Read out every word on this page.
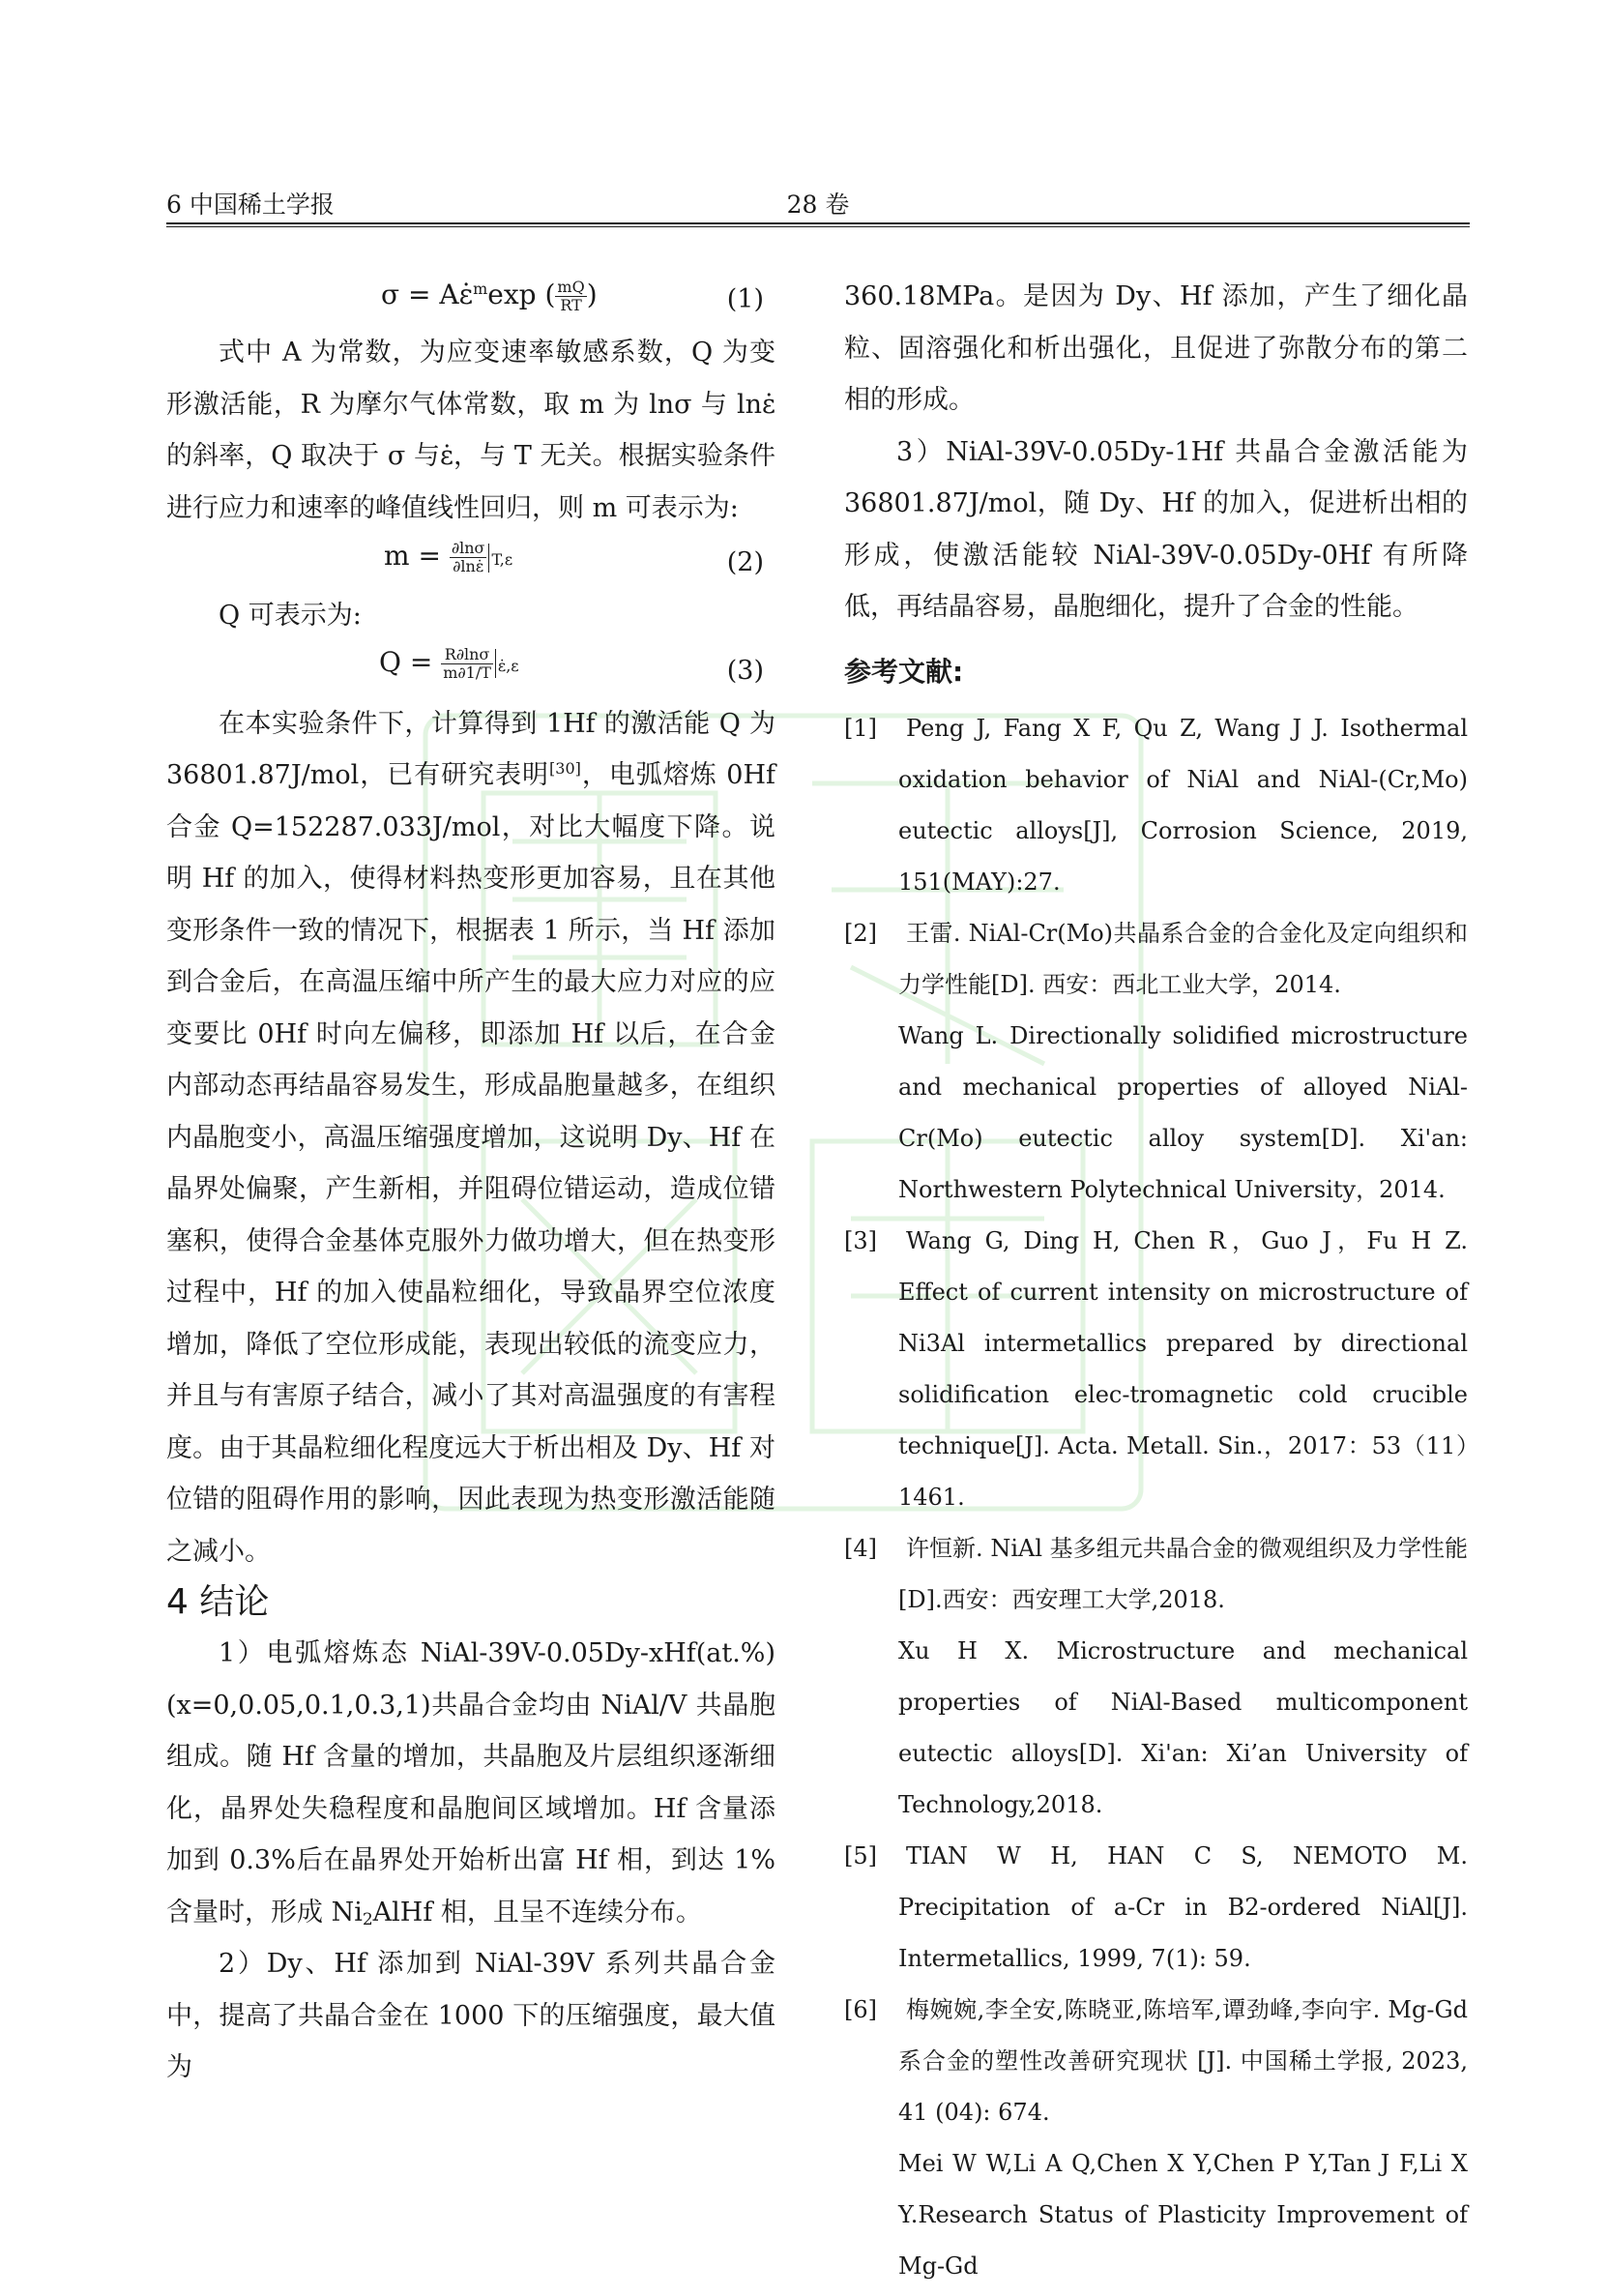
6 中国稀土学报	28 卷
σ = Aε̇$^m$exp ( $\frac{mQ}{RT}$ )	(1)

式中 A 为常数，为应变速率敏感系数，Q 为变形激活能，R 为摩尔气体常数，取 m 为 lnσ 与 lnε̇的斜率，Q 取决于 σ 与ε̇，与 T 无关。根据实验条件进行应力和速率的峰值线性回归，则 m 可表示为:

$m = \frac{\partial\ln\sigma}{\partial\ln\varepsiloṅ} T,\varepsilon$	(2)

Q 可表示为:

$Q = \frac{R\partial\ln\sigma}{m\partial 1/T}$ ε̇,ε	(3)

在本实验条件下，计算得到 1Hf 的激活能 Q 为 36801.87J/mol，已有研究表明[30]，电弧熔炼 0Hf 合金 Q=152287.033J/mol，对比大幅度下降。说明 Hf 的加入，使得材料热变形更加容易，且在其他变形条件一致的情况下，根据表 1 所示，当 Hf 添加到合金后，在高温压缩中所产生的最大应力对应的应变要比 0Hf 时向左偏移，即添加 Hf 以后，在合金内部动态再结晶容易发生，形成晶胞量越多，在组织内晶胞变小，高温压缩强度增加，这说明 Dy、Hf 在晶界处偏聚，产生新相，并阻碍位错运动，造成位错塞积，使得合金基体克服外力做功增大，但在热变形过程中，Hf 的加入使晶粒细化，导致晶界空位浓度增加，降低了空位形成能，表现出较低的流变应力，并且与有害原子结合，减小了其对高温强度的有害程度。由于其晶粒细化程度远大于析出相及 Dy、Hf 对位错的阻碍作用的影响，因此表现为热变形激活能随之减小。

4 结论

1）电弧熔炼态 NiAl-39V-0.05Dy-xHf(at.%)(x=0,0.05,0.1,0.3,1)共晶合金均由 NiAl/V 共晶胞组成。随 Hf 含量的增加，共晶胞及片层组织逐渐细化，晶界处失稳程度和晶胞间区域增加。Hf 含量添加到 0.3%后在晶界处开始析出富 Hf 相，到达 1%含量时，形成 $Ni_2AlHf$ 相，且呈不连续分布。

2）Dy、Hf 添加到 NiAl-39V 系列共晶合金中，提高了共晶合金在 1000 下的压缩强度，最大值为

360.18MPa。是因为 Dy、Hf 添加，产生了细化晶粒、固溶强化和析出强化，且促进了弥散分布的第二相的形成。

3）NiAl-39V-0.05Dy-1Hf 共晶合金激活能为 36801.87J/mol，随 Dy、Hf 的加入，促进析出相的形成，使激活能较 NiAl-39V-0.05Dy-0Hf 有所降低，再结晶容易，晶胞细化，提升了合金的性能。

参考文献:
[1]	Peng J, Fang X F, Qu Z, Wang J J. Isothermal oxidation behavior of NiAl and NiAl-(Cr,Mo) eutectic alloys[J], Corrosion Science, 2019, 151(MAY):27.
[2]	王雷. NiAl-Cr(Mo)共晶系合金的合金化及定向组织和力学性能[D]. 西安：西北工业大学，2014.
Wang L. Directionally solidified microstructure and mechanical properties of alloyed NiAl-Cr(Mo) eutectic alloy system[D]. Xi'an: Northwestern Polytechnical University，2014.
[3]	Wang G, Ding H, Chen R，Guo J，Fu H Z. Effect of current intensity on microstructure of Ni3Al intermetallics prepared by directional solidification elec-tromagnetic cold crucible technique[J]. Acta. Metall. Sin.，2017：53（11）1461.
[4]	许恒新. NiAl 基多组元共晶合金的微观组织及力学性能[D].西安：西安理工大学,2018.
Xu H X. Microstructure and mechanical properties of NiAl-Based multicomponent eutectic alloys[D]. Xi'an: Xi’an University of Technology,2018.
[5]	TIAN W H, HAN C S, NEMOTO M. Precipitation of a-Cr in B2-ordered NiAl[J]. Intermetallics, 1999, 7(1): 59.
[6]	梅婉婉,李全安,陈晓亚,陈培军,谭劲峰,李向宇. Mg-Gd系合金的塑性改善研究现状 [J]. 中国稀土学报, 2023, 41 (04): 674.
Mei W W,Li A Q,Chen X Y,Chen P Y,Tan J F,Li X Y.Research Status of Plasticity Improvement of Mg-Gd
